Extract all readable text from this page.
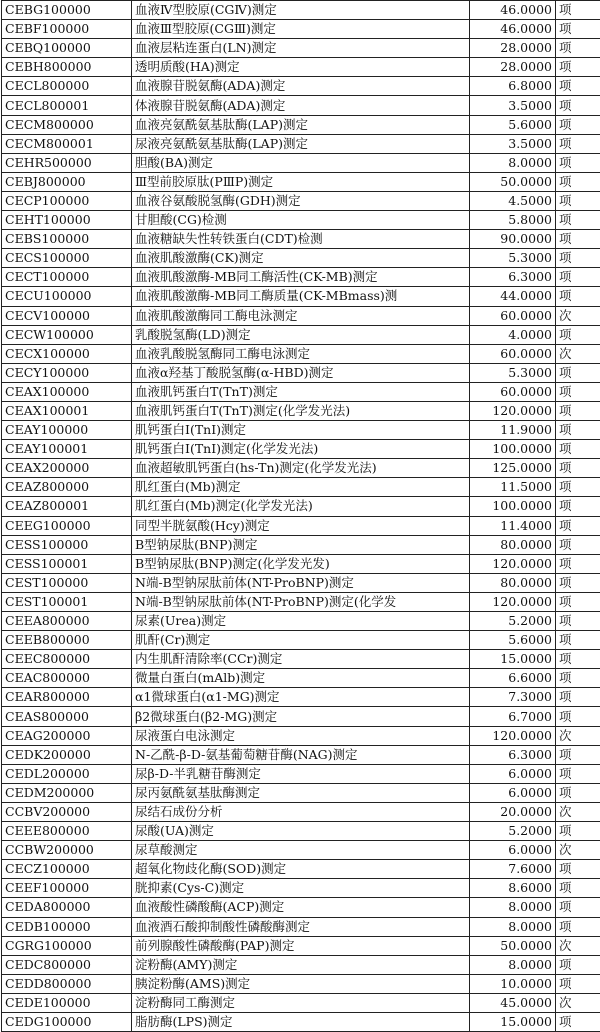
CEBG100000	血液Ⅳ型胶原(CGⅣ)测定	46.0000	项
CEBF100000	血液Ⅲ型胶原(CGⅢ)测定	46.0000	项
CEBQ100000	血液层粘连蛋白(LN)测定	28.0000	项
CEBH800000	透明质酸(HA)测定	28.0000	项
CECL800000	血液腺苷脱氨酶(ADA)测定	6.8000	项
CECL800001	体液腺苷脱氨酶(ADA)测定	3.5000	项
CECM800000	血液亮氨酰氨基肽酶(LAP)测定	5.6000	项
CECM800001	尿液亮氨酰氨基肽酶(LAP)测定	3.5000	项
CEHR500000	胆酸(BA)测定	8.0000	项
CEBJ800000	Ⅲ型前胶原肽(PⅢP)测定	50.0000	项
CECP100000	血液谷氨酸脱氢酶(GDH)测定	4.5000	项
CEHT100000	甘胆酸(CG)检测	5.8000	项
CEBS100000	血液糖缺失性转铁蛋白(CDT)检测	90.0000	项
CECS100000	血液肌酸激酶(CK)测定	5.3000	项
CECT100000	血液肌酸激酶-MB同工酶活性(CK-MB)测定	6.3000	项
CECU100000	血液肌酸激酶-MB同工酶质量(CK-MBmass)测	44.0000	项
CECV100000	血液肌酸激酶同工酶电泳测定	60.0000	次
CECW100000	乳酸脱氢酶(LD)测定	4.0000	项
CECX100000	血液乳酸脱氢酶同工酶电泳测定	60.0000	次
CECY100000	血液α羟基丁酸脱氢酶(α-HBD)测定	5.3000	项
CEAX100000	血液肌钙蛋白T(TnT)测定	60.0000	项
CEAX100001	血液肌钙蛋白T(TnT)测定(化学发光法)	120.0000	项
CEAY100000	肌钙蛋白Ⅰ(TnI)测定	11.9000	项
CEAY100001	肌钙蛋白Ⅰ(TnI)测定(化学发光法)	100.0000	项
CEAX200000	血液超敏肌钙蛋白(hs-Tn)测定(化学发光法)	125.0000	项
CEAZ800000	肌红蛋白(Mb)测定	11.5000	项
CEAZ800001	肌红蛋白(Mb)测定(化学发光法)	100.0000	项
CEEG100000	同型半胱氨酸(Hcy)测定	11.4000	项
CESS100000	B型钠尿肽(BNP)测定	80.0000	项
CESS100001	B型钠尿肽(BNP)测定(化学发光发)	120.0000	项
CEST100000	N端-B型钠尿肽前体(NT-ProBNP)测定	80.0000	项
CEST100001	N端-B型钠尿肽前体(NT-ProBNP)测定(化学发	120.0000	项
CEEA800000	尿素(Urea)测定	5.2000	项
CEEB800000	肌酐(Cr)测定	5.6000	项
CEEC800000	内生肌酐清除率(CCr)测定	15.0000	项
CEAC800000	微量白蛋白(mAlb)测定	6.6000	项
CEAR800000	α1微球蛋白(α1-MG)测定	7.3000	项
CEAS800000	β2微球蛋白(β2-MG)测定	6.7000	项
CEAG200000	尿液蛋白电泳测定	120.0000	次
CEDK200000	N-乙酰-β-D-氨基葡萄糖苷酶(NAG)测定	6.3000	项
CEDL200000	尿β-D-半乳糖苷酶测定	6.0000	项
CEDM200000	尿丙氨酰氨基肽酶测定	6.0000	项
CCBV200000	尿结石成份分析	20.0000	次
CEEE800000	尿酸(UA)测定	5.2000	项
CCBW200000	尿草酸测定	6.0000	次
CECZ100000	超氧化物歧化酶(SOD)测定	7.6000	项
CEEF100000	胱抑素(Cys-C)测定	8.6000	项
CEDA800000	血液酸性磷酸酶(ACP)测定	8.0000	项
CEDB100000	血液酒石酸抑制酸性磷酸酶测定	8.0000	项
CGRG100000	前列腺酸性磷酸酶(PAP)测定	50.0000	次
CEDC800000	淀粉酶(AMY)测定	8.0000	项
CEDD800000	胰淀粉酶(AMS)测定	10.0000	项
CEDE100000	淀粉酶同工酶测定	45.0000	次
CEDG100000	脂肪酶(LPS)测定	15.0000	项
